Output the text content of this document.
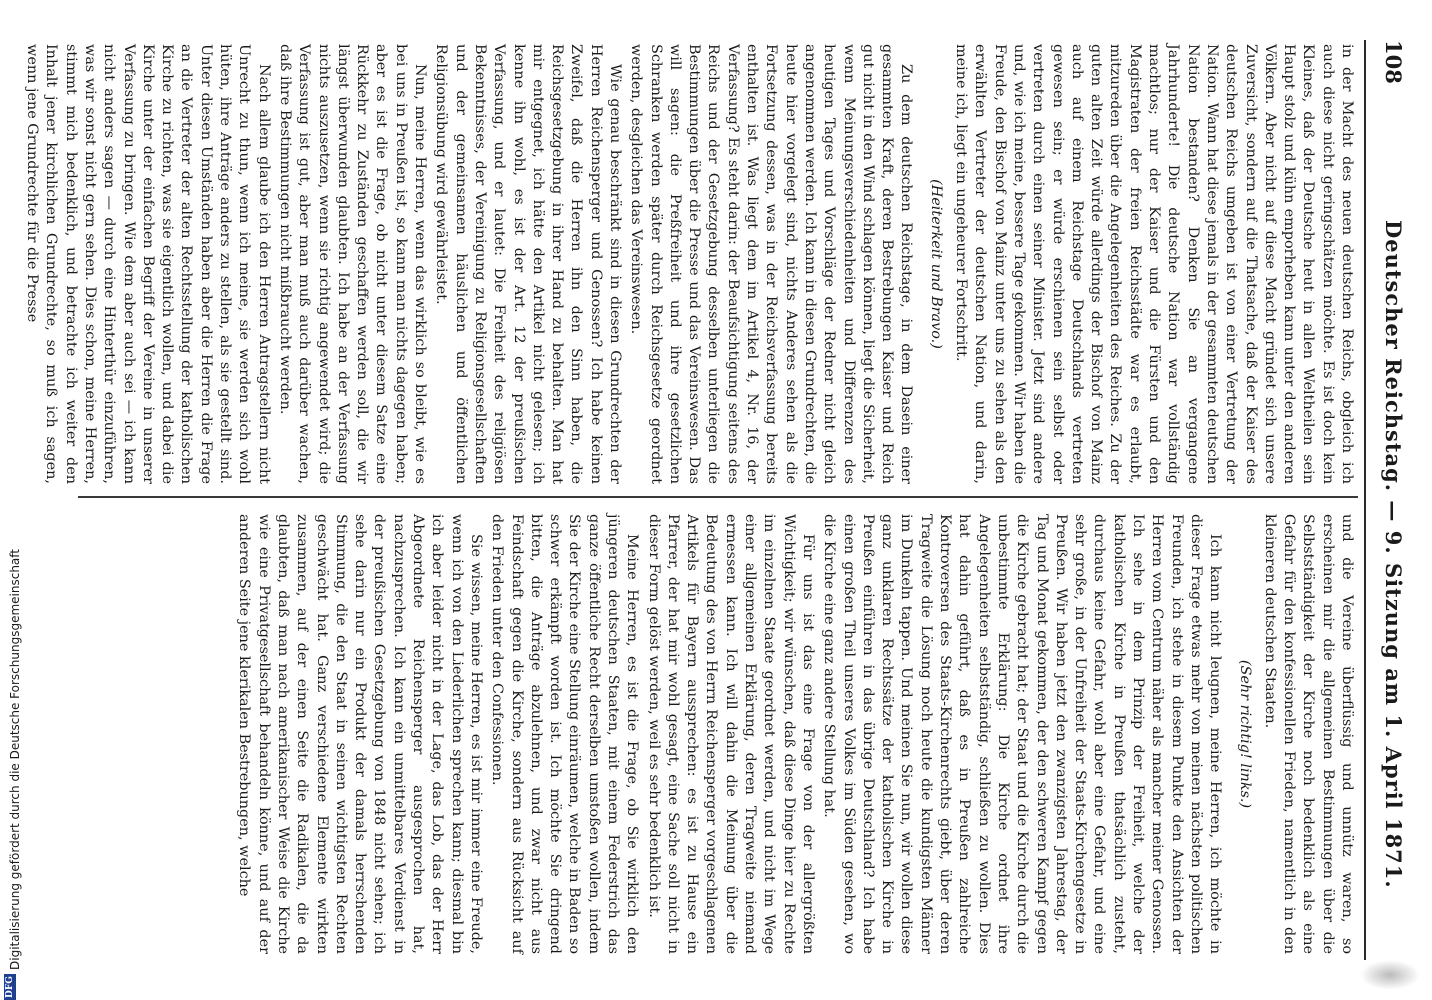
108
Deutscher Reichstag. — 9. Sitzung am 1. April 1871.

in der Macht des neuen deutschen Reichs, obgleich ich auch diese nicht geringschätzen möchte. Es ist doch kein Kleines, daß der Deutsche heut in allen Weltheilen sein Haupt stolz und kühn emporheben kann unter den anderen Völkern. Aber nicht auf diese Macht gründet sich unsere Zuversicht, sondern auf die Thatsache, daß der Kaiser des deutschen Reichs umgeben ist von einer Vertretung der Nation. Wann hat diese jemals in der gesammten deutschen Nation bestanden? Denken Sie an vergangene Jahrhunderte! Die deutsche Nation war vollständig machtlos; nur der Kaiser und die Fürsten und den Magistraten der freien Reichsstädte war es erlaubt, mitzureden über die Angelegenheiten des Reiches. Zu der guten alten Zeit würde allerdings der Bischof von Mainz auch auf einem Reichstage Deutschlands vertreten gewesen sein; er würde erschienen sein selbst oder vertreten durch einen seiner Minister. Jetzt sind andere und, wie ich meine, bessere Tage gekommen. Wir haben die Freude, den Bischof von Mainz unter uns zu sehen als den erwählten Vertreter der deutschen Nation, und darin, meine ich, liegt ein ungeheurer Fortschritt.

(Heiterkeit und Bravo.)

Zu dem deutschen Reichstage, in dem Dasein einer gesammten Kraft, deren Bestrebungen Kaiser und Reich gut nicht in den Wind schlagen können, liegt die Sicherheit, wenn Meinungsverschiedenheiten und Differenzen des heutigen Tages und Vorschläge der Redner nicht gleich angenommen werden. Ich kann in diesen Grundrechten, die heute hier vorgelegt sind, nichts Anderes sehen als die Fortsetzung dessen, was in der Reichsverfassung bereits enthalten ist. Was liegt dem im Artikel 4, Nr. 16, der Verfassung? Es steht darin: der Beaufsichtigung seitens des Reichs und der Gesetzgebung desselben unterliegen die Bestimmungen über die Presse und das Vereinswesen. Das will sagen: die Preßfreiheit und ihre gesetzlichen Schranken werden später durch Reichsgesetze geordnet werden, desgleichen das Vereinswesen.

Wie genau beschränkt sind in diesen Grundrechten der Herren Reichensperger und Genossen? Ich habe keinen Zweifel, daß die Herren ihn den Sinn haben, die Reichsgesetzgebung in ihrer Hand zu behalten. Man hat mir entgegnet, ich hätte den Artikel nicht gelesen; ich kenne ihn wohl, es ist der Art. 12 der preußischen Verfassung, und er lautet: Die Freiheit des religiösen Bekenntnisses, der Vereinigung zu Religionsgesellschaften und der gemeinsamen häuslichen und öffentlichen Religionsübung wird gewährleistet.

Nun, meine Herren, wenn das wirklich so bleibt, wie es bei uns in Preußen ist, so kann man nichts dagegen haben; aber es ist die Frage, ob nicht unter diesem Satze eine Rückkehr zu Zuständen geschaffen werden soll, die wir längst überwunden glaubten. Ich habe an der Verfassung nichts auszusetzen, wenn sie richtig angewendet wird; die Verfassung ist gut, aber man muß auch darüber wachen, daß ihre Bestimmungen nicht mißbraucht werden.

Nach allem glaube ich den Herren Antragstellern nicht Unrecht zu thun, wenn ich meine, sie werden sich wohl hüten, ihre Anträge anders zu stellen, als sie gestellt sind. Unter diesen Umständen haben aber die Herren die Frage an die Vertreter der alten Rechtsstellung der katholischen Kirche zu richten, was sie eigentlich wollen, und dabei die Kirche unter der einfachen Begriff der Vereine in unserer Verfassung zu bringen. Wie dem aber auch sei — ich kann nicht anders sagen — durch eine Hinterthür einzuführen, was wir sonst nicht gern sehen. Dies schon, meine Herren, stimmt mich bedenklich, und betrachte ich weiter den Inhalt jener kirchlichen Grundrechte, so muß ich sagen, wenn jene Grundrechte für die Presse

und die Vereine überflüssig und unnütz waren, so erscheinen mir die allgemeinen Bestimmungen über die Selbstständigkeit der Kirche noch bedenklich als eine Gefahr für den konfessionellen Frieden, namentlich in den kleineren deutschen Staaten.

(Sehr richtig! links.)

Ich kann nicht leugnen, meine Herren, ich möchte in dieser Frage etwas mehr von meinen nächsten politischen Freunden, ich stehe in diesem Punkte den Ansichten der Herren vom Centrum näher als mancher meiner Genossen. Ich sehe in dem Prinzip der Freiheit, welche der katholischen Kirche in Preußen thatsächlich zusteht, durchaus keine Gefahr, wohl aber eine Gefahr, und eine sehr große, in der Unfreiheit der Staats-Kirchengesetze in Preußen. Wir haben jetzt den zwanzigsten Jahrestag, der Tag und Monat gekommen, der den schweren Kampf gegen die Kirche gebracht hat; der Staat und die Kirche durch die unbestimmte Erklärung: Die Kirche ordnet ihre Angelegenheiten selbstständig, schließen zu wollen. Dies hat dahin geführt, daß es in Preußen zahlreiche Kontroversen des Staats-Kirchenrechts giebt, über deren Tragweite die Lösung noch heute die kundigsten Männer im Dunkeln tappen. Und meinen Sie nun, wir wollen diese ganz unklaren Rechtssätze der katholischen Kirche in Preußen einführen in das übrige Deutschland? Ich habe einen großen Theil unseres Volkes im Süden gesehen, wo die Kirche eine ganz andere Stellung hat.

Für uns ist das eine Frage von der allergrößten Wichtigkeit; wir wünschen, daß diese Dinge hier zu Rechte im einzelnen Staate geordnet werden, und nicht im Wege einer allgemeinen Erklärung, deren Tragweite niemand ermessen kann. Ich will dahin die Meinung über die Bedeutung des von Herrn Reichensperger vorgeschlagenen Artikels für Bayern aussprechen: es ist zu Hause ein Pfarrer, der hat mir wohl gesagt, eine Sache soll nicht in dieser Form gelöst werden, weil es sehr bedenklich ist.

Meine Herren, es ist die Frage, ob Sie wirklich den jüngeren deutschen Staaten, mit einem Federstrich das ganze öffentliche Recht derselben umstoßen wollen, indem Sie der Kirche eine Stellung einräumen, welche in Baden so schwer erkämpft worden ist. Ich möchte Sie dringend bitten, die Anträge abzulehnen, und zwar nicht aus Feindschaft gegen die Kirche, sondern aus Rücksicht auf den Frieden unter den Confessionen.

Sie wissen, meine Herren, es ist mir immer eine Freude, wenn ich von den Liederlichen sprechen kann; diesmal bin ich aber leider nicht in der Lage, das Lob, das der Herr Abgeordnete Reichensperger ausgesprochen hat, nachzusprechen. Ich kann ein unmittelbares Verdienst in der preußischen Gesetzgebung von 1848 nicht sehen; ich sehe darin nur ein Produkt der damals herrschenden Stimmung, die den Staat in seinen wichtigsten Rechten geschwächt hat. Ganz verschiedene Elemente wirkten zusammen, auf der einen Seite die Radikalen, die da glaubten, daß man nach amerikanischer Weise die Kirche wie eine Privatgesellschaft behandeln könne, und auf der anderen Seite jene klerikalen Bestrebungen, welche

DFG
Digitalisierung gefördert durch die Deutsche Forschungsgemeinschaft
